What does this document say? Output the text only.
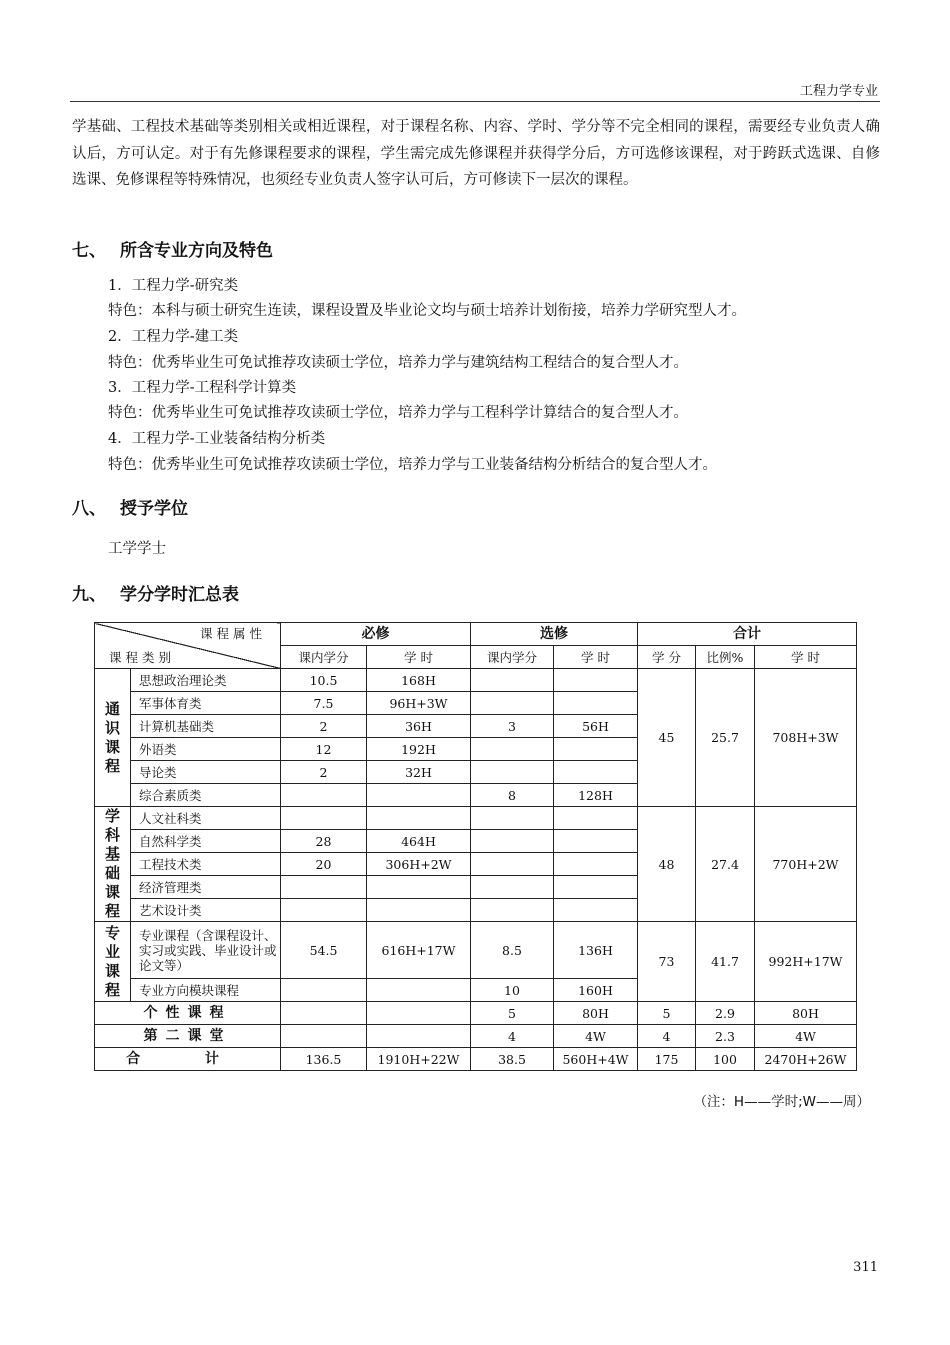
工程力学专业
学基础、工程技术基础等类别相关或相近课程，对于课程名称、内容、学时、学分等不完全相同的课程，需要经专业负责人确认后，方可认定。对于有先修课程要求的课程，学生需完成先修课程并获得学分后，方可选修该课程，对于跨跃式选课、自修选课、免修课程等特殊情况，也须经专业负责人签字认可后，方可修读下一层次的课程。
七、 所含专业方向及特色
1．工程力学-研究类
特色：本科与硕士研究生连读，课程设置及毕业论文均与硕士培养计划衔接，培养力学研究型人才。
2．工程力学-建工类
特色：优秀毕业生可免试推荐攻读硕士学位，培养力学与建筑结构工程结合的复合型人才。
3．工程力学-工程科学计算类
特色：优秀毕业生可免试推荐攻读硕士学位，培养力学与工程科学计算结合的复合型人才。
4．工程力学-工业装备结构分析类
特色：优秀毕业生可免试推荐攻读硕士学位，培养力学与工业装备结构分析结合的复合型人才。
八、 授予学位
工学学士
九、 学分学时汇总表
课程属性
课程类别		必修		选修		合计		
		课内学分	学 时	课内学分	学 时	学 分	比例%	学 时
通识课程	思想政治理论类	10.5	168H			45	25.7	708H+3W
	军事体育类	7.5	96H+3W					
	计算机基础类	2	36H	3	56H			
	外语类	12	192H					
	导论类	2	32H					
	综合素质类			8	128H			
学科基础课程	人文社科类					48	27.4	770H+2W
	自然科学类	28	464H					
	工程技术类	20	306H+2W					
	经济管理类							
	艺术设计类							
专业课程	专业课程（含课程设计、实习或实践、毕业设计或论文等）	54.5	616H+17W	8.5	136H	73	41.7	992H+17W
	专业方向模块课程			10	160H			
个性课程				5	80H	5	2.9	80H
第二课堂				4	4W	4	2.3	4W
合 计		136.5	1910H+22W	38.5	560H+4W	175	100	2470H+26W
（注：H——学时;W——周）
311
